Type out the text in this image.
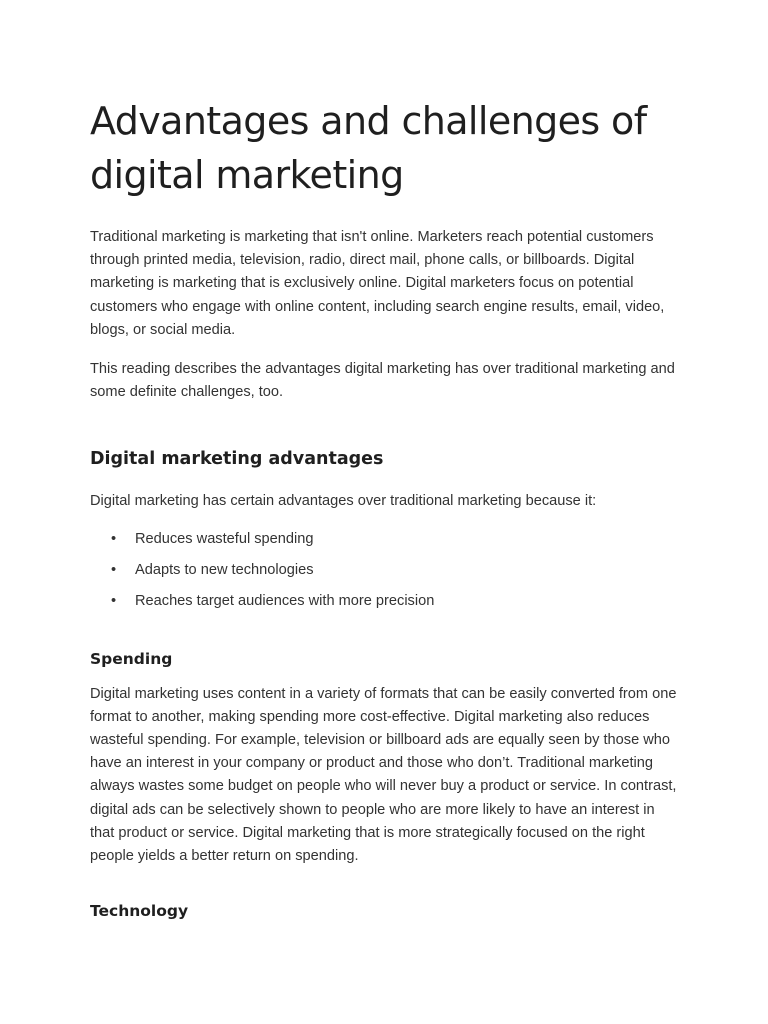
Advantages and challenges of digital marketing

Traditional marketing is marketing that isn't online. Marketers reach potential customers through printed media, television, radio, direct mail, phone calls, or billboards. Digital marketing is marketing that is exclusively online. Digital marketers focus on potential customers who engage with online content, including search engine results, email, video, blogs, or social media.

This reading describes the advantages digital marketing has over traditional marketing and some definite challenges, too.

Digital marketing advantages

Digital marketing has certain advantages over traditional marketing because it:

• Reduces wasteful spending
• Adapts to new technologies
• Reaches target audiences with more precision
Spending

Digital marketing uses content in a variety of formats that can be easily converted from one format to another, making spending more cost-effective. Digital marketing also reduces wasteful spending. For example, television or billboard ads are equally seen by those who have an interest in your company or product and those who don’t. Traditional marketing always wastes some budget on people who will never buy a product or service. In contrast, digital ads can be selectively shown to people who are more likely to have an interest in that product or service. Digital marketing that is more strategically focused on the right people yields a better return on spending.

Technology
